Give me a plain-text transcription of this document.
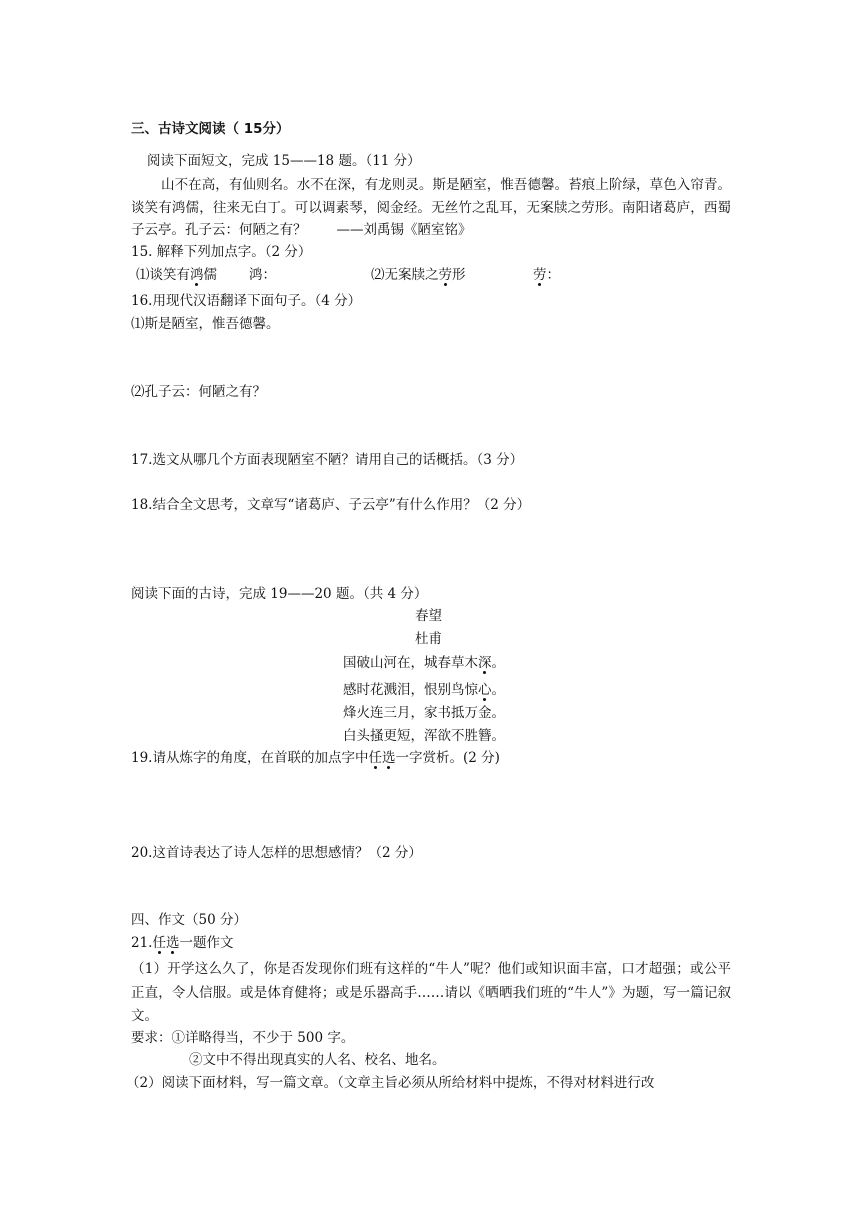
三、古诗文阅读（ 15分）
阅读下面短文，完成 15——18 题。（11 分）
山不在高，有仙则名。水不在深，有龙则灵。斯是陋室，惟吾德馨。苔痕上阶绿，草色入帘青。谈笑有鸿儒，往来无白丁。可以调素琴，阅金经。无丝竹之乱耳，无案牍之劳形。南阳诸葛庐，西蜀子云亭。孔子云：何陋之有？ ——刘禹锡《陋室铭》
15. 解释下列加点字。（2 分）
⑴谈笑有鸿儒 鸿：	⑵无案牍之劳形	劳：
16.用现代汉语翻译下面句子。（4 分）
⑴斯是陋室，惟吾德馨。
⑵孔子云：何陋之有？
17.选文从哪几个方面表现陋室不陋？请用自己的话概括。（3 分）
18.结合全文思考，文章写“诸葛庐、子云亭”有什么作用？（2 分）
阅读下面的古诗，完成 19——20 题。（共 4 分）
春望
杜甫
国破山河在，城春草木深。
感时花溅泪，恨别鸟惊心。
烽火连三月，家书抵万金。
白头搔更短，浑欲不胜簪。
19.请从炼字的角度，在首联的加点字中任选一字赏析。(2 分)
20.这首诗表达了诗人怎样的思想感情？（2 分）
四、作文（50 分）
21.任选一题作文
（1）开学这么久了，你是否发现你们班有这样的“牛人”呢？他们或知识面丰富，口才超强；或公平正直，令人信服。或是体育健将；或是乐器高手……请以《晒晒我们班的“牛人”》为题，写一篇记叙文。
要求：①详略得当，不少于 500 字。
②文中不得出现真实的人名、校名、地名。
（2）阅读下面材料，写一篇文章。（文章主旨必须从所给材料中提炼，不得对材料进行改
